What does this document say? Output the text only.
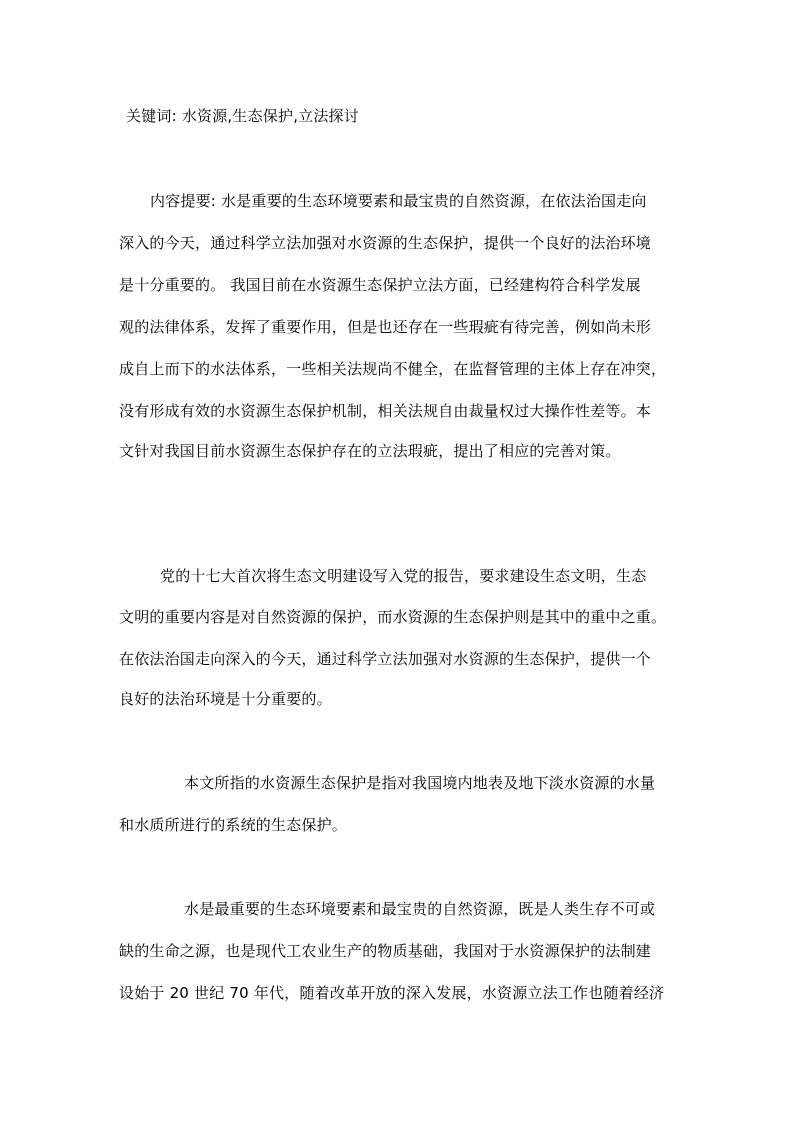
关键词: 水资源,生态保护,立法探讨
内容提要: 水是重要的生态环境要素和最宝贵的自然资源，在依法治国走向
深入的今天，通过科学立法加强对水资源的生态保护，提供一个良好的法治环境
是十分重要的。 我国目前在水资源生态保护立法方面，已经建构符合科学发展
观的法律体系，发挥了重要作用，但是也还存在一些瑕疵有待完善，例如尚未形
成自上而下的水法体系，一些相关法规尚不健全，在监督管理的主体上存在冲突，
没有形成有效的水资源生态保护机制，相关法规自由裁量权过大操作性差等。本
文针对我国目前水资源生态保护存在的立法瑕疵，提出了相应的完善对策。
党的十七大首次将生态文明建设写入党的报告，要求建设生态文明，生态
文明的重要内容是对自然资源的保护，而水资源的生态保护则是其中的重中之重。
在依法治国走向深入的今天，通过科学立法加强对水资源的生态保护，提供一个
良好的法治环境是十分重要的。
本文所指的水资源生态保护是指对我国境内地表及地下淡水资源的水量
和水质所进行的系统的生态保护。
水是最重要的生态环境要素和最宝贵的自然资源，既是人类生存不可或
缺的生命之源，也是现代工农业生产的物质基础，我国对于水资源保护的法制建
设始于 20 世纪 70 年代，随着改革开放的深入发展，水资源立法工作也随着经济
